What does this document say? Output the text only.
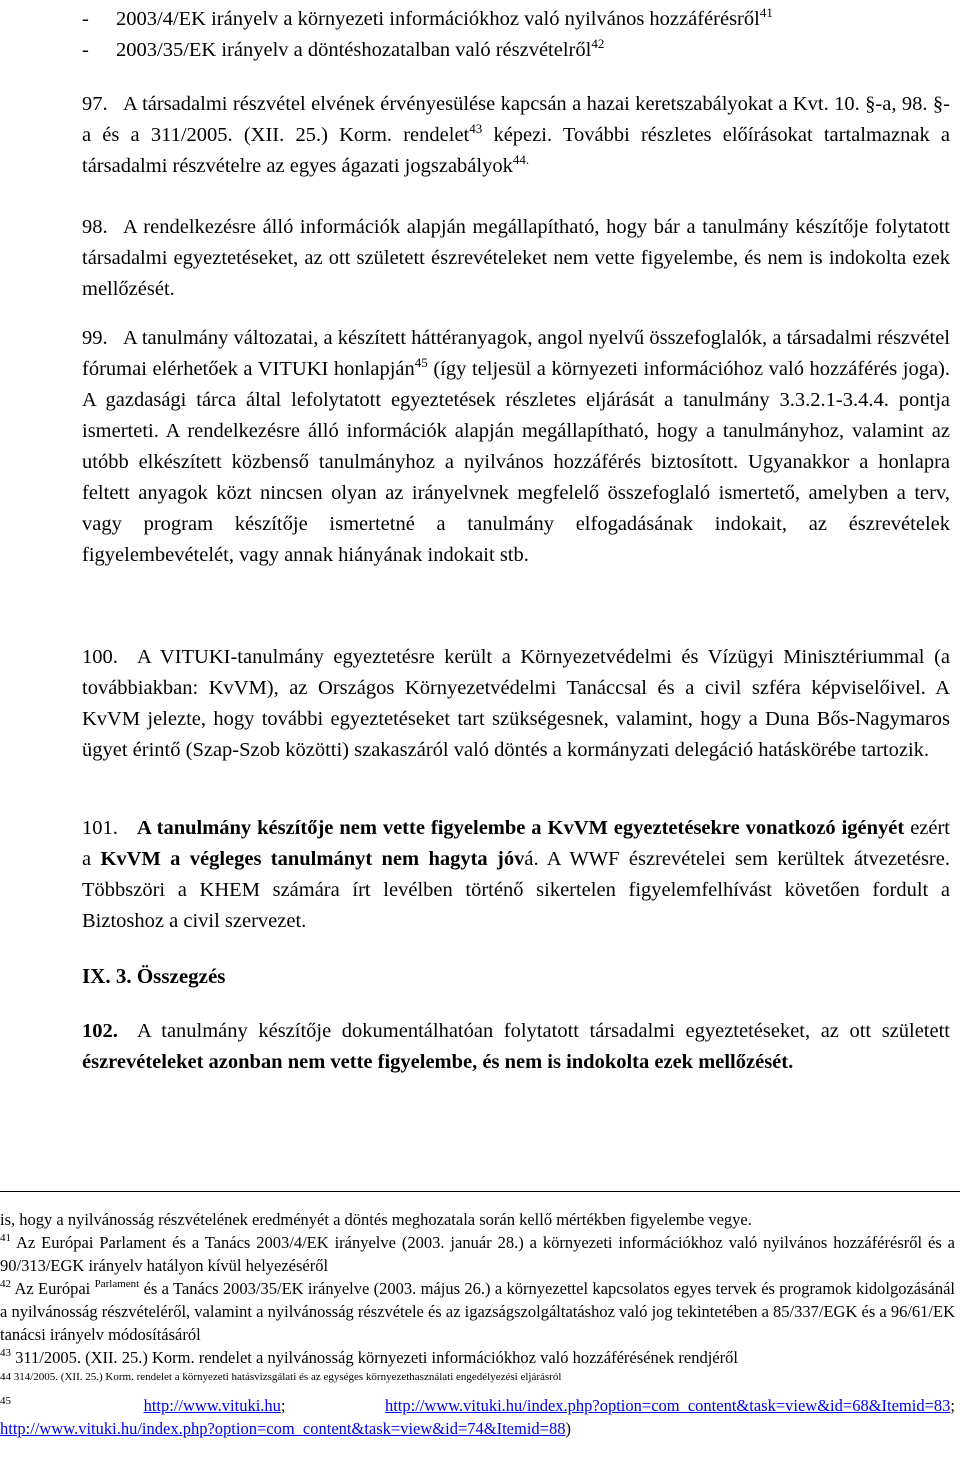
- 2003/4/EK irányelv a környezeti információkhoz való nyilvános hozzáférésről$^{41}$
- 2003/35/EK irányelv a döntéshozatalban való részvételről$^{42}$
97. A társadalmi részvétel elvének érvényesülése kapcsán a hazai keretszabályokat a Kvt. 10. §-a, 98. §-a és a 311/2005. (XII. 25.) Korm. rendelet$^{43}$ képezi. További részletes előírásokat tartalmaznak a társadalmi részvételre az egyes ágazati jogszabályok$^{44.}$
98. A rendelkezésre álló információk alapján megállapítható, hogy bár a tanulmány készítője folytatott társadalmi egyeztetéseket, az ott született észrevételeket nem vette figyelembe, és nem is indokolta ezek mellőzését.
99. A tanulmány változatai, a készített háttéranyagok, angol nyelvű összefoglalók, a társadalmi részvétel fórumai elérhetőek a VITUKI honlapján$^{45}$ (így teljesül a környezeti információhoz való hozzáférés joga). A gazdasági tárca által lefolytatott egyeztetések részletes eljárását a tanulmány 3.3.2.1-3.4.4. pontja ismerteti. A rendelkezésre álló információk alapján megállapítható, hogy a tanulmányhoz, valamint az utóbb elkészített közbenső tanulmányhoz a nyilvános hozzáférés biztosított. Ugyanakkor a honlapra feltett anyagok közt nincsen olyan az irányelvnek megfelelő összefoglaló ismertető, amelyben a terv, vagy program készítője ismertetné a tanulmány elfogadásának indokait, az észrevételek figyelembevételét, vagy annak hiányának indokait stb.
100. A VITUKI-tanulmány egyeztetésre került a Környezetvédelmi és Vízügyi Minisztériummal (a továbbiakban: KvVM), az Országos Környezetvédelmi Tanáccsal és a civil szféra képviselőivel. A KvVM jelezte, hogy további egyeztetéseket tart szükségesnek, valamint, hogy a Duna Bős-Nagymaros ügyet érintő (Szap-Szob közötti) szakaszáról való döntés a kormányzati delegáció hatáskörébe tartozik.
101. A tanulmány készítője nem vette figyelembe a KvVM egyeztetésekre vonatkozó igényét ezért a KvVM a végleges tanulmányt nem hagyta jóvá. A WWF észrevételei sem kerültek átvezetésre. Többszöri a KHEM számára írt levélben történő sikertelen figyelemfelhívást követően fordult a Biztoshoz a civil szervezet.
IX. 3. Összegzés
102. A tanulmány készítője dokumentálhatóan folytatott társadalmi egyeztetéseket, az ott született észrevételeket azonban nem vette figyelembe, és nem is indokolta ezek mellőzését.

is, hogy a nyilvánosság részvételének eredményét a döntés meghozatala során kellő mértékben figyelembe vegye.

$^{41}$ Az Európai Parlament és a Tanács 2003/4/EK irányelve (2003. január 28.) a környezeti információkhoz való nyilvános hozzáférésről és a 90/313/EGK irányelv hatályon kívül helyezéséről

$^{42}$ Az Európai $^{Parlament}$ és a Tanács 2003/35/EK irányelve (2003. május 26.) a környezettel kapcsolatos egyes tervek és programok kidolgozásánál a nyilvánosság részvételéről, valamint a nyilvánosság részvétele és az igazságszolgáltatáshoz való jog tekintetében a 85/337/EGK és a 96/61/EK tanácsi irányelv módosításáról

$^{43}$ 311/2005. (XII. 25.) Korm. rendelet a nyilvánosság környezeti információkhoz való hozzáférésének rendjéről

44 314/2005. (XII. 25.) Korm. rendelet a környezeti hatásvizsgálati és az egységes környezethasználati engedélyezési eljárásról

$^{45}$	http://www.vituki.hu;	http://www.vituki.hu/index.php?option=com_content&task=view&id=68&Itemid=83; http://www.vituki.hu/index.php?option=com_content&task=view&id=74&Itemid=88)
